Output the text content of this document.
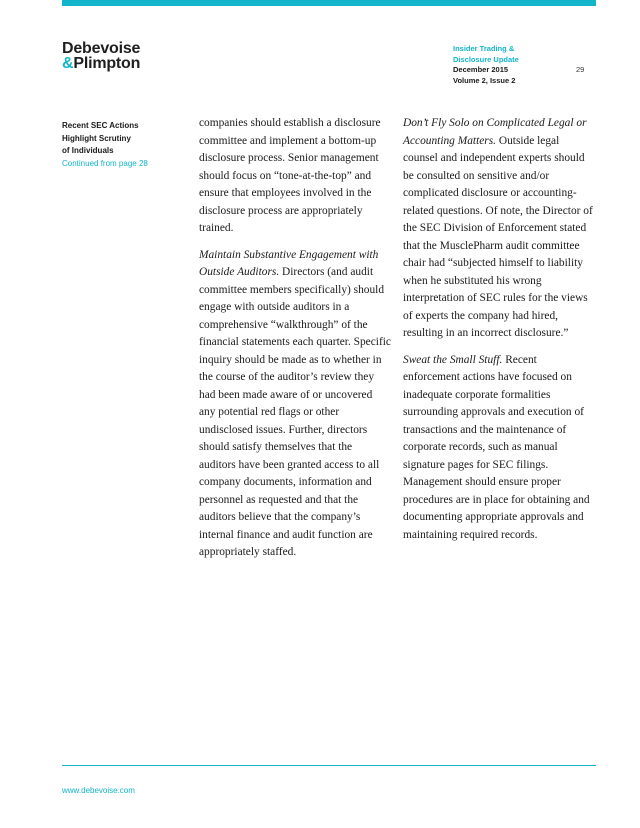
Debevoise
&Plimpton
Insider Trading &
Disclosure Update
December 2015
Volume 2, Issue 2
29
Recent SEC Actions
Highlight Scrutiny
of Individuals
Continued from page 28

companies should establish a disclosure committee and implement a bottom-up disclosure process. Senior management should focus on “tone-at-the-top” and ensure that employees involved in the disclosure process are appropriately trained.

Maintain Substantive Engagement with Outside Auditors. Directors (and audit committee members specifically) should engage with outside auditors in a comprehensive “walkthrough” of the financial statements each quarter. Specific inquiry should be made as to whether in the course of the auditor’s review they had been made aware of or uncovered any potential red flags or other undisclosed issues. Further, directors should satisfy themselves that the auditors have been granted access to all company documents, information and personnel as requested and that the auditors believe that the company’s internal finance and audit function are appropriately staffed.

Don’t Fly Solo on Complicated Legal or Accounting Matters. Outside legal counsel and independent experts should be consulted on sensitive and/or complicated disclosure or accounting-related questions. Of note, the Director of the SEC Division of Enforcement stated that the MusclePharm audit committee chair had “subjected himself to liability when he substituted his wrong interpretation of SEC rules for the views of experts the company had hired, resulting in an incorrect disclosure.”

Sweat the Small Stuff. Recent enforcement actions have focused on inadequate corporate formalities surrounding approvals and execution of transactions and the maintenance of corporate records, such as manual signature pages for SEC filings. Management should ensure proper procedures are in place for obtaining and documenting appropriate approvals and maintaining required records.

www.debevoise.com
